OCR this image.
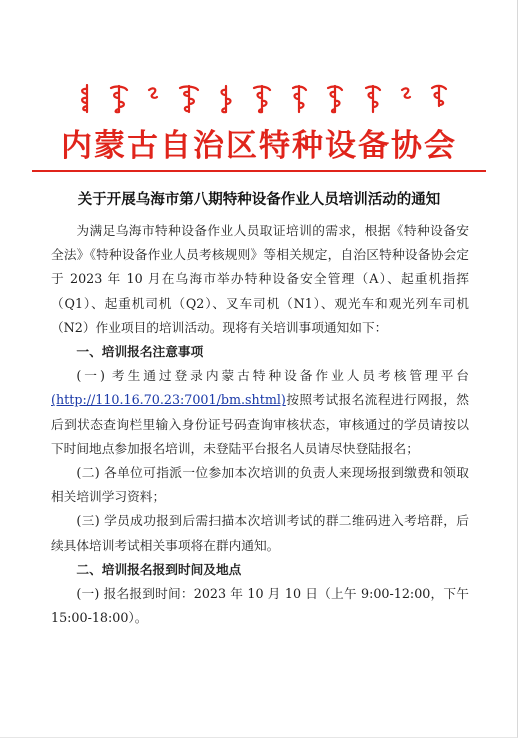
内蒙古自治区特种设备协会
关于开展乌海市第八期特种设备作业人员培训活动的通知

为满足乌海市特种设备作业人员取证培训的需求，根据《特种设备安全法》《特种设备作业人员考核规则》等相关规定，自治区特种设备协会定于 2023 年 10 月在乌海市举办特种设备安全管理（A）、起重机指挥（Q1）、起重机司机（Q2）、叉车司机（N1）、观光车和观光列车司机（N2）作业项目的培训活动。现将有关培训事项通知如下：

一、培训报名注意事项

(一) 考生通过登录内蒙古特种设备作业人员考核管理平台(http://110.16.70.23:7001/bm.shtml)按照考试报名流程进行网报，然后到状态查询栏里输入身份证号码查询审核状态，审核通过的学员请按以下时间地点参加报名培训，未登陆平台报名人员请尽快登陆报名；

(二) 各单位可指派一位参加本次培训的负责人来现场报到缴费和领取相关培训学习资料；

(三) 学员成功报到后需扫描本次培训考试的群二维码进入考培群，后续具体培训考试相关事项将在群内通知。

二、培训报名报到时间及地点

(一) 报名报到时间：2023 年 10 月 10 日（上午 9:00-12:00，下午 15:00-18:00）。
